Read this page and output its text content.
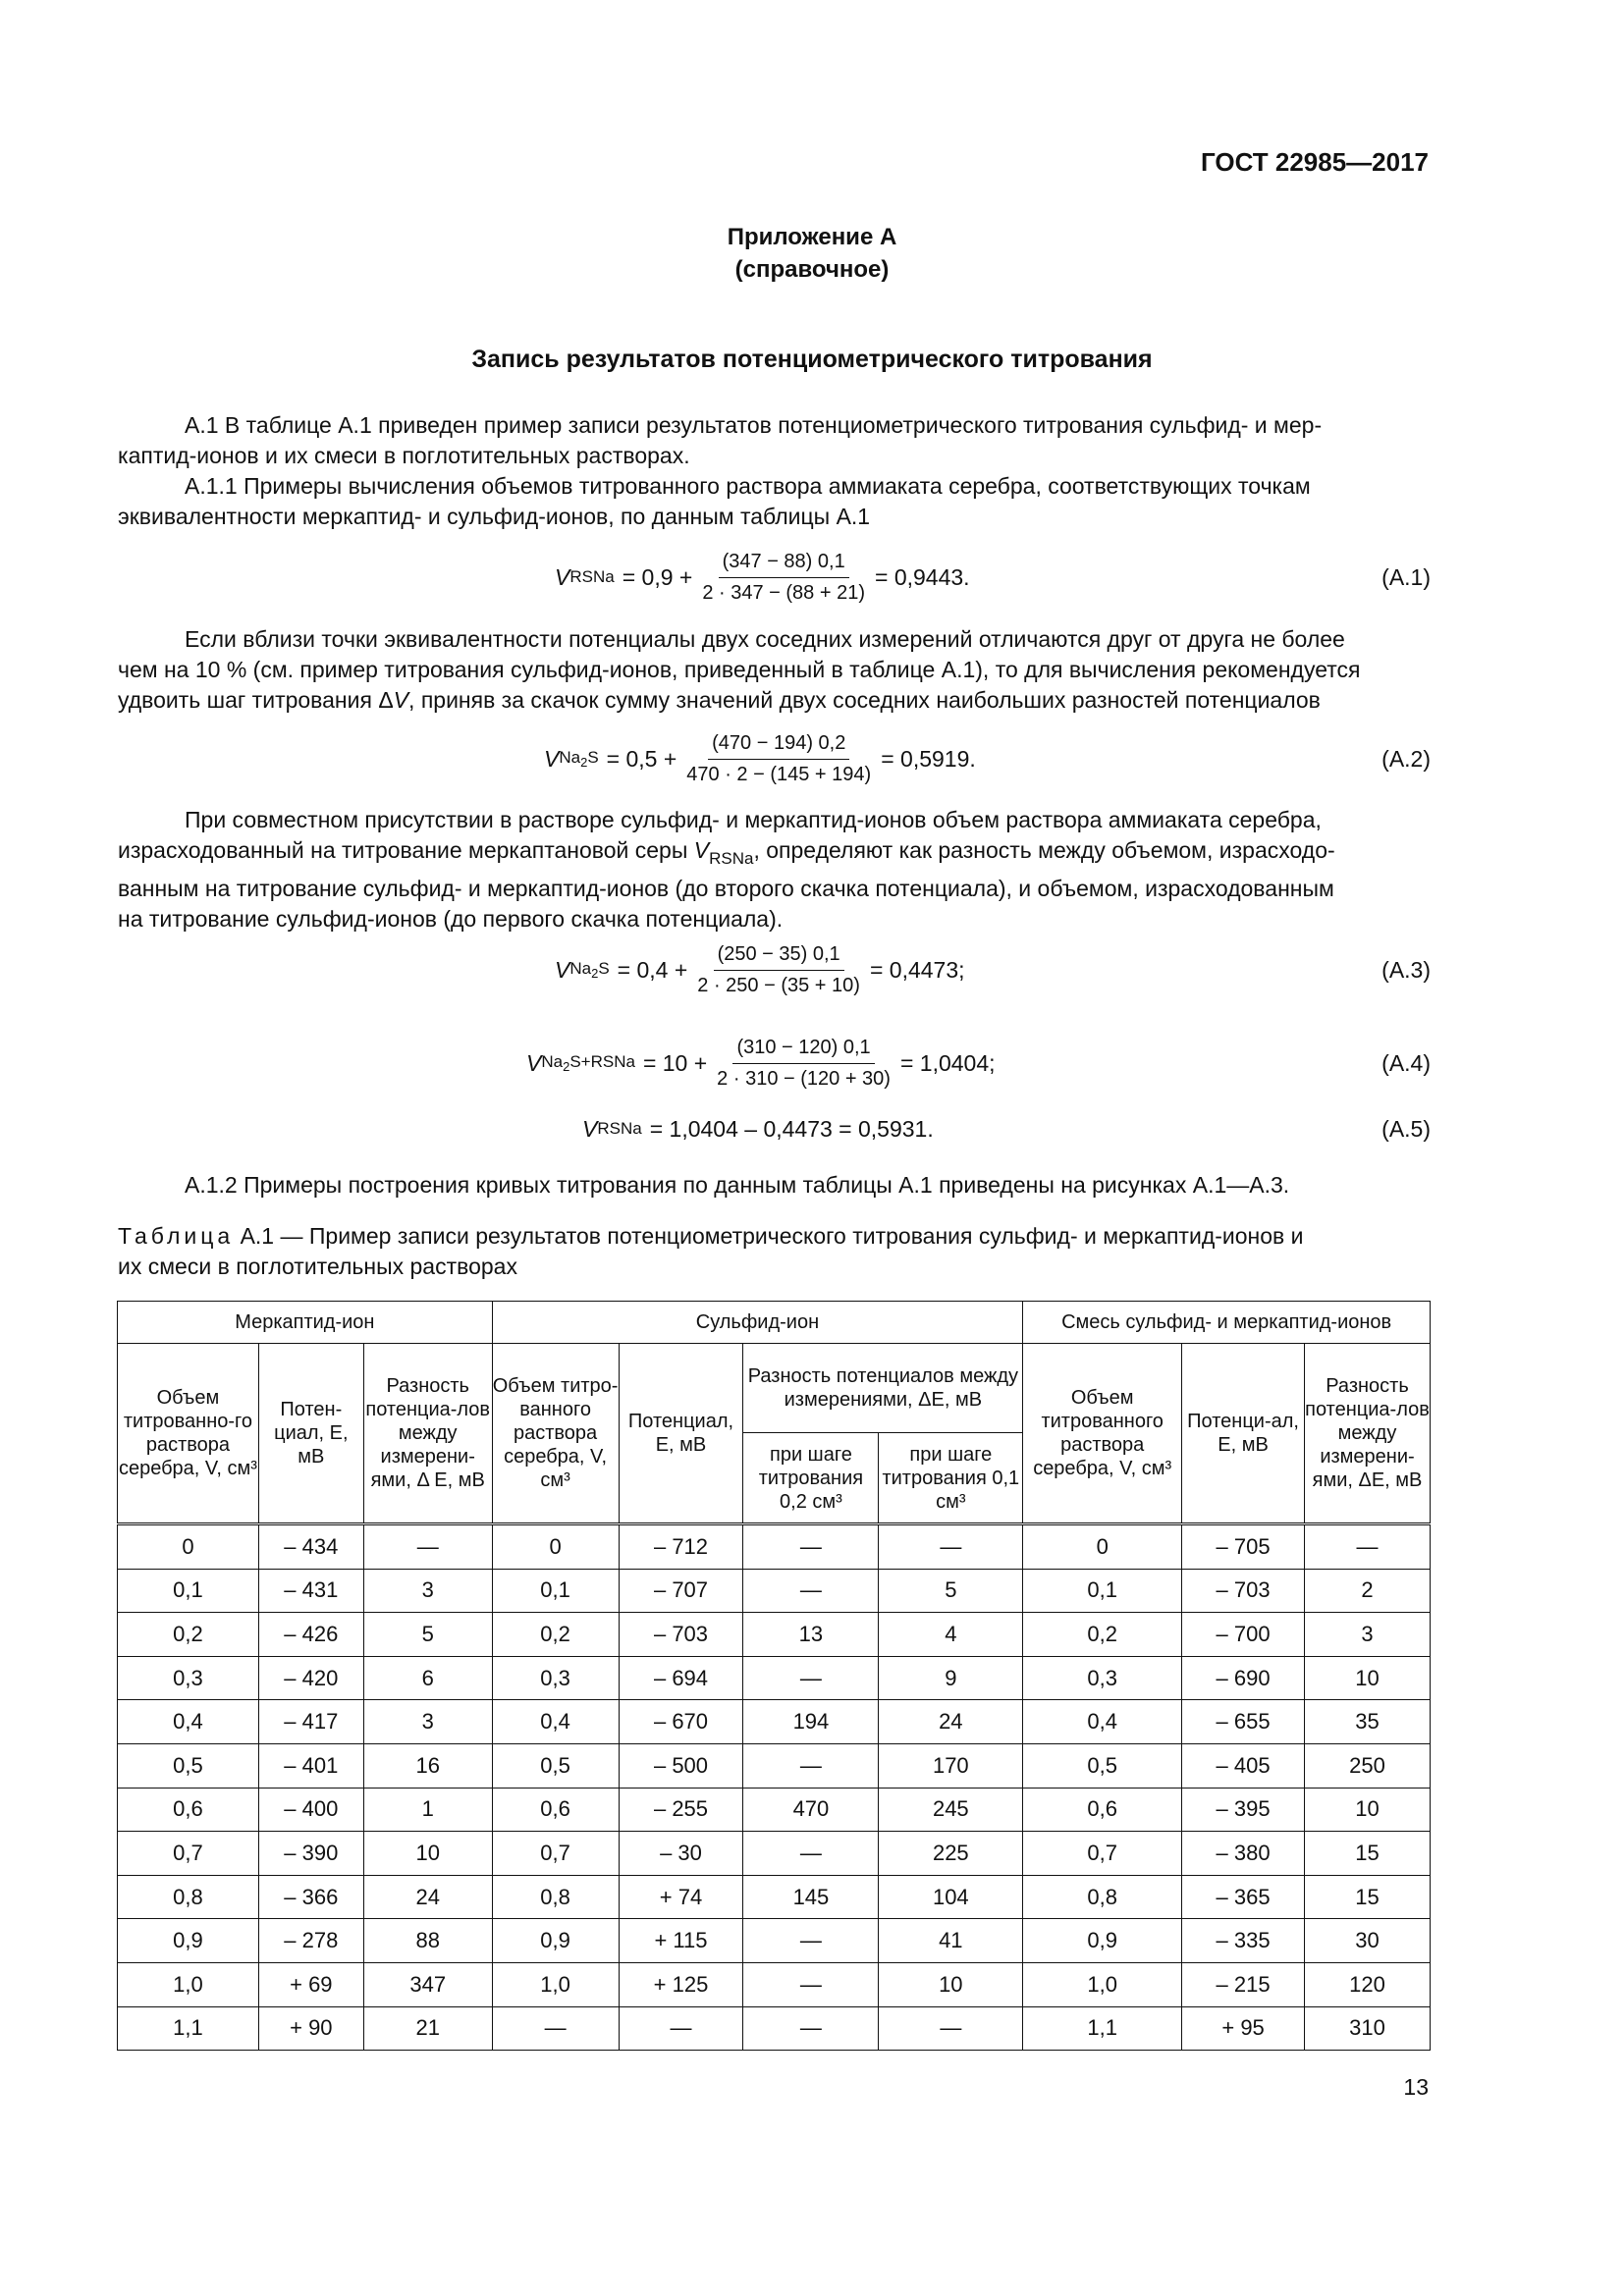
ГОСТ 22985—2017
Приложение А
(справочное)
Запись результатов потенциометрического титрования

А.1 В таблице А.1 приведен пример записи результатов потенциометрического титрования сульфид- и мер-
каптид-ионов и их смеси в поглотительных растворах.

А.1.1 Примеры вычисления объемов титрованного раствора аммиаката серебра, соответствующих точкам
эквивалентности меркаптид- и сульфид-ионов, по данным таблицы А.1

V RSNa = $0,9 + \frac{(347 - 88) 0,1}{2 \cdot 347 - (88 + 21)} = 0,9443$.	(А.1)

Если вблизи точки эквивалентности потенциалы двух соседних измерений отличаются друг от друга не более
чем на 10 % (см. пример титрования сульфид-ионов, приведенный в таблице А.1), то для вычисления рекомендуется
удвоить шаг титрования ΔV, приняв за скачок сумму значений двух соседних наибольших разностей потенциалов

V $Na_2S = 0,5 + \frac{(470 - 194) 0,2}{470 \cdot 2 - (145 + 194)} = 0,5919$.	(А.2)

При совместном присутствии в растворе сульфид- и меркаптид-ионов объем раствора аммиаката серебра,
израсходованный на титрование меркаптановой серы $V_{RSNa}$, определяют как разность между объемом, израсходо-
ванным на титрование сульфид- и меркаптид-ионов (до второго скачка потенциала), и объемом, израсходованным
на титрование сульфид-ионов (до первого скачка потенциала).

V $Na_2S = 0,4 + \frac{(250 - 35) 0,1}{2 \cdot 250 - (35 + 10)} = 0,4473$;	(А.3)
V $Na_2S+RSNa = 10 + \frac{(310 - 120) 0,1}{2 \cdot 310 - (120 + 30)} = 1,0404$;	(А.4)
V RSNa = 1,0404 – 0,4473 = 0,5931.	(А.5)

А.1.2 Примеры построения кривых титрования по данным таблицы А.1 приведены на рисунках А.1—А.3.

Таблица А.1 — Пример записи результатов потенциометрического титрования сульфид- и меркаптид-ионов и
их смеси в поглотительных растворах
Меркаптид-ион			Сульфид-ион				Смесь сульфид- и меркаптид-ионов		
Объем титрованно-го раствора серебра, V, см³	Потен-циал, E, мВ	Разность потенциа-лов между измерени-ями, Δ E, мВ	Объем титро-ванного раствора серебра, V, см³	Потенциал, E, мВ	Разность потенциалов между измерениями, ΔE, мВ		Объем титрованного раствора серебра, V, см³	Потенци-ал, E, мВ	Разность потенциа-лов между измерени-ями, ΔE, мВ
					при шаге титрования 0,2 см³	при шаге титрования 0,1 см³			
0	– 434	—	0	– 712	—	—	0	– 705	—
0,1	– 431	3	0,1	– 707	—	5	0,1	– 703	2
0,2	– 426	5	0,2	– 703	13	4	0,2	– 700	3
0,3	– 420	6	0,3	– 694	—	9	0,3	– 690	10
0,4	– 417	3	0,4	– 670	194	24	0,4	– 655	35
0,5	– 401	16	0,5	– 500	—	170	0,5	– 405	250
0,6	– 400	1	0,6	– 255	470	245	0,6	– 395	10
0,7	– 390	10	0,7	– 30	—	225	0,7	– 380	15
0,8	– 366	24	0,8	+ 74	145	104	0,8	– 365	15
0,9	– 278	88	0,9	+ 115	—	41	0,9	– 335	30
1,0	+ 69	347	1,0	+ 125	—	10	1,0	– 215	120
1,1	+ 90	21	—	—	—	—	1,1	+ 95	310
13
